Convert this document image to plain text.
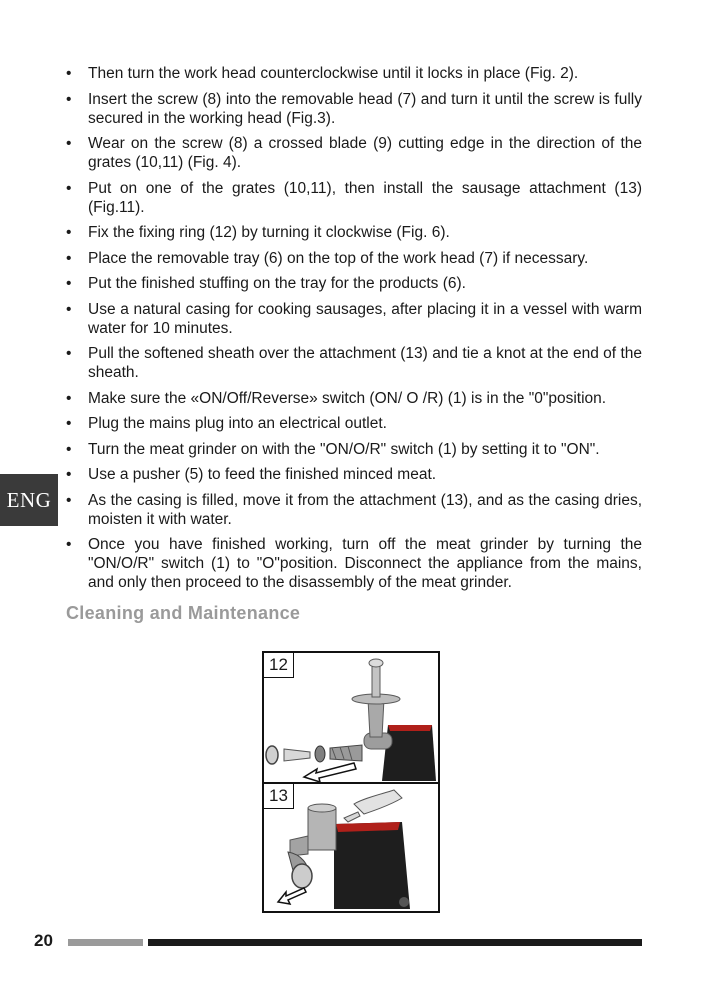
• Then turn the work head counterclockwise until it locks in place (Fig. 2).
• Insert the screw (8) into the removable head (7) and turn it until the screw is fully secured in the working head (Fig.3).
• Wear on the screw (8) a crossed blade (9) cutting edge in the direction of the grates (10,11) (Fig. 4).
• Put on one of the grates (10,11), then install the sausage attachment (13) (Fig.11).
• Fix the fixing ring (12) by turning it clockwise (Fig. 6).
• Place the removable tray (6) on the top of the work head (7) if necessary.
• Put the finished stuffing on the tray for the products (6).
• Use a natural casing for cooking sausages, after placing it in a vessel with warm water for 10 minutes.
• Pull the softened sheath over the attachment (13) and tie a knot at the end of the sheath.
• Make sure the «ON/Off/Reverse» switch (ON/ O /R) (1) is in the "0"position.
• Plug the mains plug into an electrical outlet.
• Turn the meat grinder on with the "ON/O/R" switch (1) by setting it to "ON".
• Use a pusher (5) to feed the finished minced meat.
• As the casing is filled, move it from the attachment (13), and as the casing dries, moisten it with water.
• Once you have finished working, turn off the meat grinder by turning the "ON/O/R" switch (1) to "O"position. Disconnect the appliance from the mains, and only then proceed to the disassembly of the meat grinder.
ENG
Cleaning and Maintenance
12
13
20
